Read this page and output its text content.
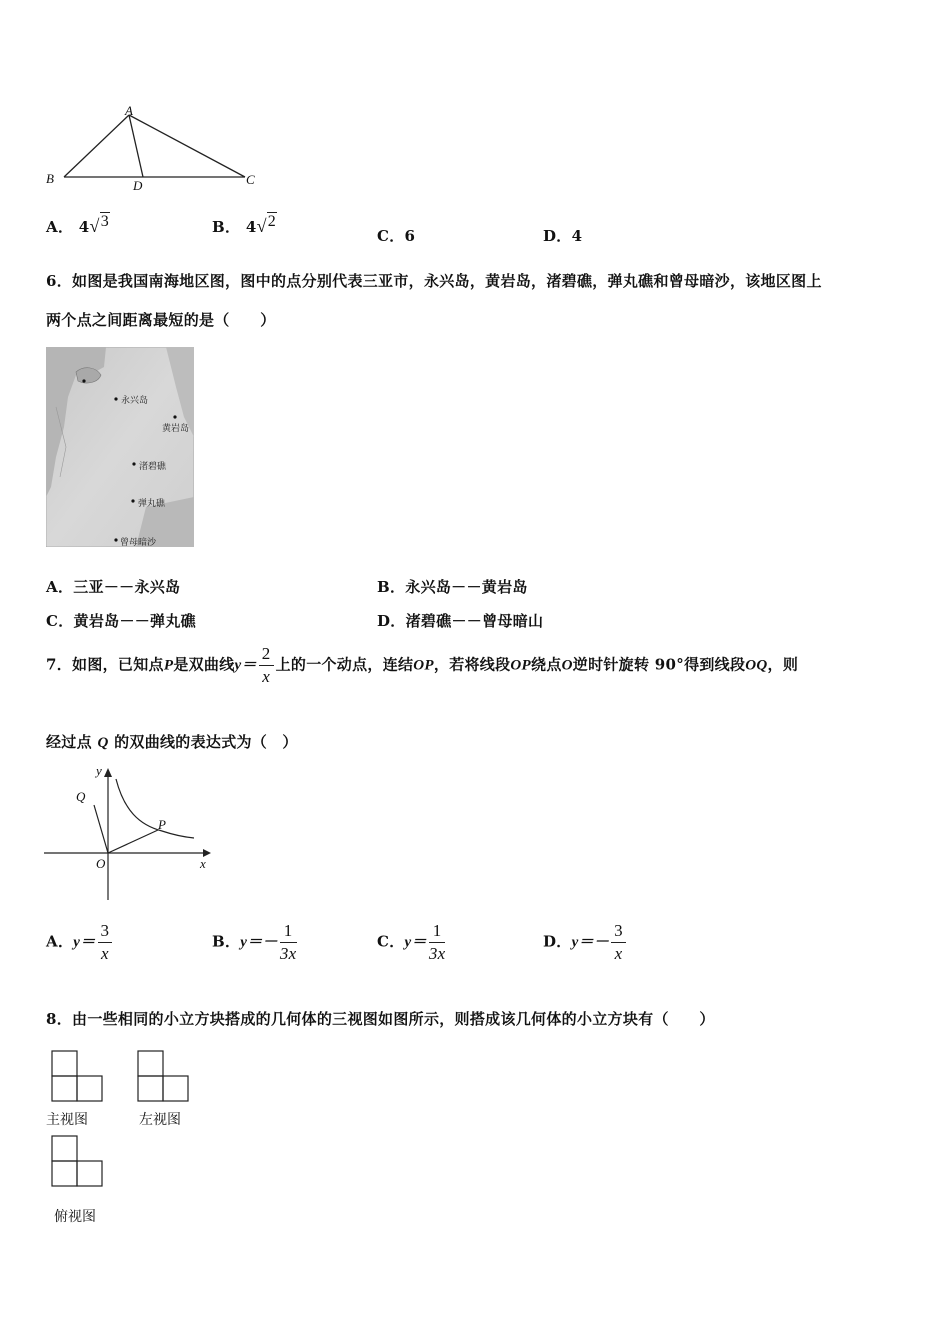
A
B	D	C
A． 4√3	B． 4√2
C．6	D．4
6．如图是我国南海地区图，图中的点分别代表三亚市，永兴岛，黄岩岛，渚碧礁，弹丸礁和曾母暗沙，该地区图上
两个点之间距离最短的是（　　）
永兴岛
黄岩岛
渚碧礁
弹丸礁
曾母暗沙
A．三亚－－永兴岛	B．永兴岛－－黄岩岛
C．黄岩岛－－弹丸礁	D．渚碧礁－－曾母暗山
7．如图，已知点P是双曲线$y= \frac{2}{x}$ 上的一个动点，连结OP，若将线段OP绕点O逆时针旋转 90°得到线段OQ，则
经过点 Q 的双曲线的表达式为（　）
y
Q
P
O	x
A．$y= \frac{3}{x}$	B．$y=- \frac{1}{3x}$	C．$y= \frac{1}{3x}$	D．$y=- \frac{3}{x}$
8．由一些相同的小立方块搭成的几何体的三视图如图所示，则搭成该几何体的小立方块有（　　）
主视图	左视图
俯视图
